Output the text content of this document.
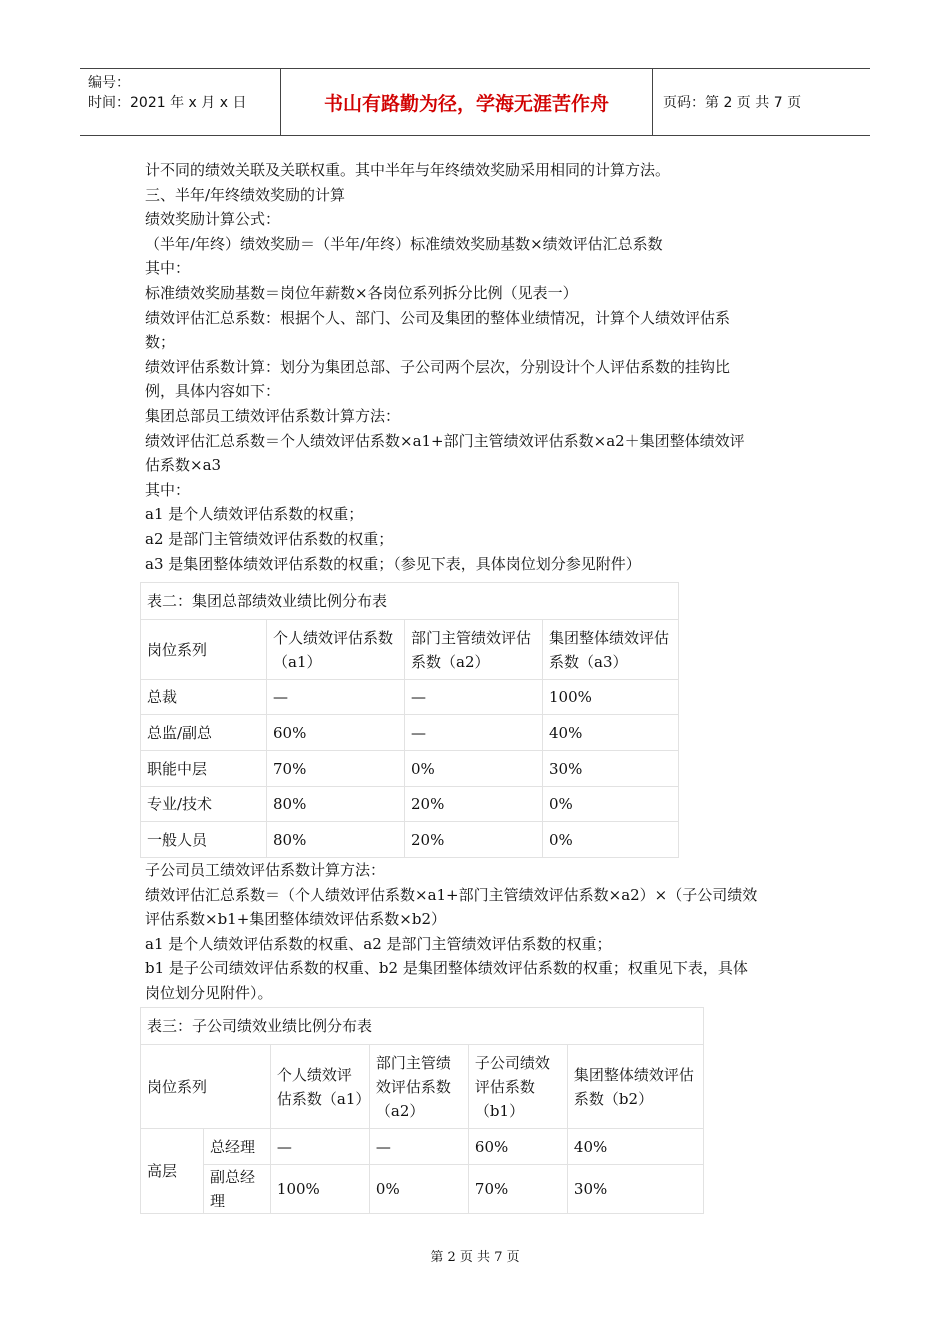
编号：
时间：2021 年 x 月 x 日	书山有路勤为径，学海无涯苦作舟	页码：第 2 页 共 7 页
计不同的绩效关联及关联权重。其中半年与年终绩效奖励采用相同的计算方法。
三、半年/年终绩效奖励的计算
绩效奖励计算公式：
（半年/年终）绩效奖励＝（半年/年终）标准绩效奖励基数×绩效评估汇总系数
其中：
标准绩效奖励基数＝岗位年薪数×各岗位系列拆分比例（见表一）
绩效评估汇总系数：根据个人、部门、公司及集团的整体业绩情况，计算个人绩效评估系
数；
绩效评估系数计算：划分为集团总部、子公司两个层次，分别设计个人评估系数的挂钩比
例，具体内容如下：
集团总部员工绩效评估系数计算方法：
绩效评估汇总系数＝个人绩效评估系数×a1+部门主管绩效评估系数×a2＋集团整体绩效评
估系数×a3
其中：
a1 是个人绩效评估系数的权重；
a2 是部门主管绩效评估系数的权重；
a3 是集团整体绩效评估系数的权重；（参见下表，具体岗位划分参见附件）
表二：集团总部绩效业绩比例分布表			
岗位系列	个人绩效评估系数（a1）	部门主管绩效评估系数（a2）	集团整体绩效评估系数（a3）
总裁	—	—	100%
总监/副总	60%	—	40%
职能中层	70%	0%	30%
专业/技术	80%	20%	0%
一般人员	80%	20%	0%
子公司员工绩效评估系数计算方法：
绩效评估汇总系数＝（个人绩效评估系数×a1+部门主管绩效评估系数×a2）×（子公司绩效
评估系数×b1+集团整体绩效评估系数×b2）
a1 是个人绩效评估系数的权重、a2 是部门主管绩效评估系数的权重；
b1 是子公司绩效评估系数的权重、b2 是集团整体绩效评估系数的权重；权重见下表，具体
岗位划分见附件）。
表三：子公司绩效业绩比例分布表					
岗位系列		个人绩效评估系数（a1）	部门主管绩效评估系数（a2）	子公司绩效评估系数（b1）	集团整体绩效评估系数（b2）
高层	总经理	—	—	60%	40%
	副总经理	100%	0%	70%	30%
第 2 页 共 7 页
